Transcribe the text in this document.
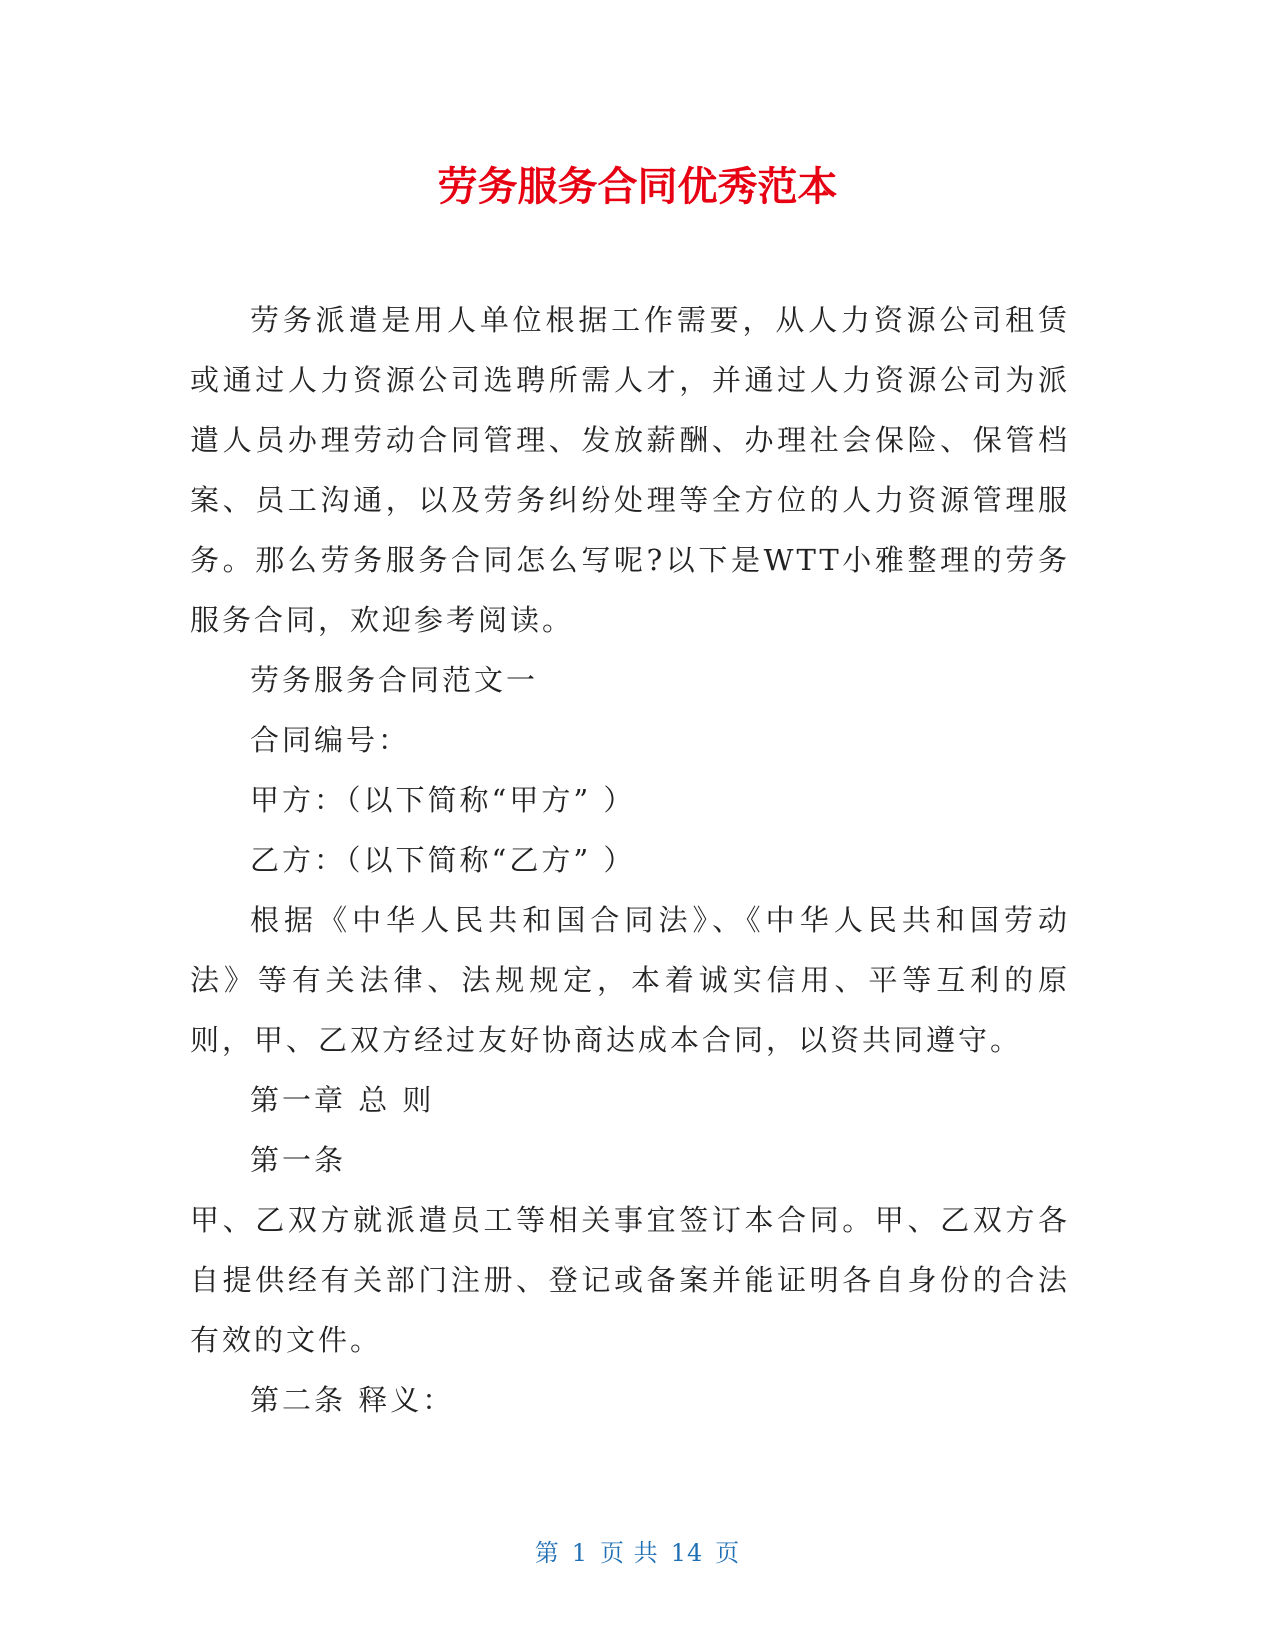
劳务服务合同优秀范本

劳务派遣是用人单位根据工作需要，从人力资源公司租赁或通过人力资源公司选聘所需人才，并通过人力资源公司为派遣人员办理劳动合同管理、发放薪酬、办理社会保险、保管档案、员工沟通，以及劳务纠纷处理等全方位的人力资源管理服务。那么劳务服务合同怎么写呢?以下是WTT小雅整理的劳务服务合同，欢迎参考阅读。

劳务服务合同范文一

合同编号：

甲方：（以下简称“甲方” ）

乙方：（以下简称“乙方” ）

根据《中华人民共和国合同法》、《中华人民共和国劳动法》等有关法律、法规规定，本着诚实信用、平等互利的原则，甲、乙双方经过友好协商达成本合同，以资共同遵守。

第一章 总 则

第一条

甲、乙双方就派遣员工等相关事宜签订本合同。甲、乙双方各自提供经有关部门注册、登记或备案并能证明各自身份的合法有效的文件。

第二条 释义：

第 1 页 共 14 页
